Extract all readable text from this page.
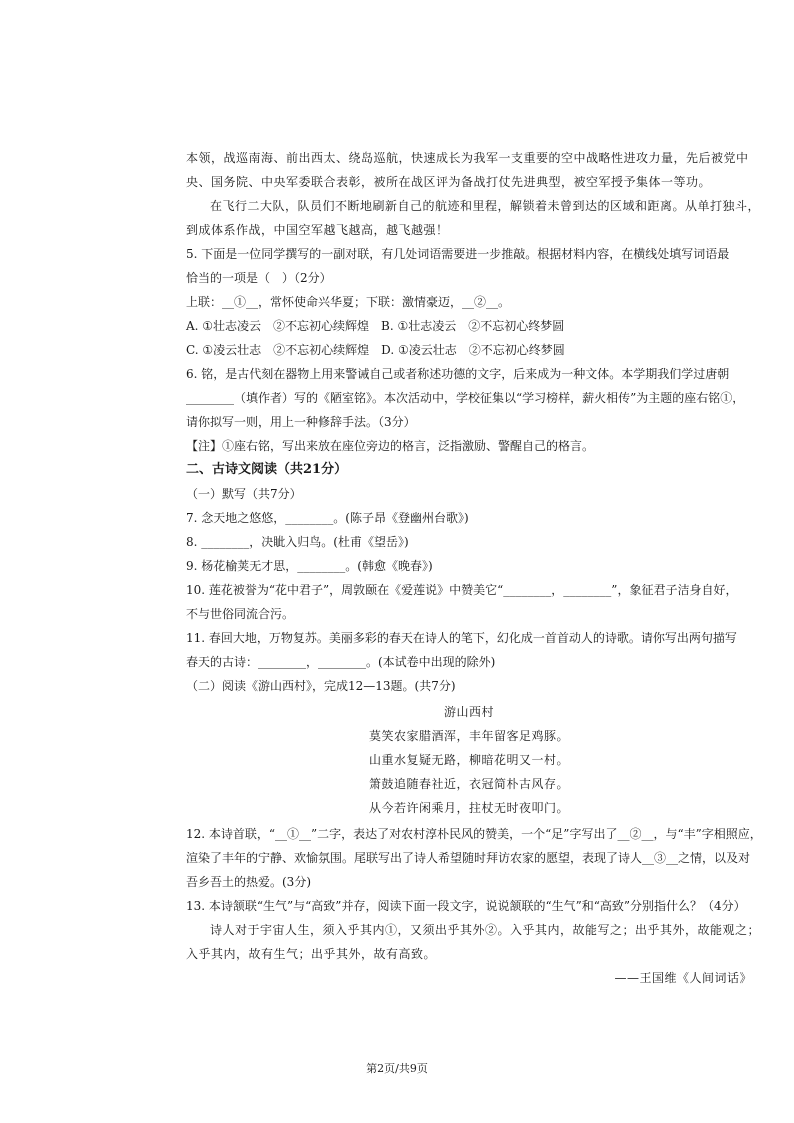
本领，战巡南海、前出西太、绕岛巡航，快速成长为我军一支重要的空中战略性进攻力量，先后被党中
央、国务院、中央军委联合表彰，被所在战区评为备战打仗先进典型，被空军授予集体一等功。
在飞行二大队，队员们不断地刷新自己的航迹和里程，解锁着未曾到达的区域和距离。从单打独斗，
到成体系作战，中国空军越飞越高，越飞越强！
5. 下面是一位同学撰写的一副对联，有几处词语需要进一步推敲。根据材料内容，在横线处填写词语最
恰当的一项是（　）（2分）
上联：__①__，常怀使命兴华夏；下联：激情豪迈，__②__。
A. ①壮志凌云　②不忘初心续辉煌　B. ①壮志凌云　②不忘初心终梦圆
C. ①凌云壮志　②不忘初心续辉煌　D. ①凌云壮志　②不忘初心终梦圆
6. 铭，是古代刻在器物上用来警诫自己或者称述功德的文字，后来成为一种文体。本学期我们学过唐朝
________（填作者）写的《陋室铭》。本次活动中，学校征集以“学习榜样，薪火相传”为主题的座右铭①，
请你拟写一则，用上一种修辞手法。（3分）
【注】①座右铭，写出来放在座位旁边的格言，泛指激励、警醒自己的格言。
二、古诗文阅读（共21分）
（一）默写（共7分）
7. 念天地之悠悠，________。(陈子昂《登幽州台歌》)
8. ________，决眦入归鸟。(杜甫《望岳》)
9. 杨花榆荚无才思，________。(韩愈《晚春》)
10. 莲花被誉为“花中君子”，周敦颐在《爱莲说》中赞美它“________，________”，象征君子洁身自好，
不与世俗同流合污。
11. 春回大地，万物复苏。美丽多彩的春天在诗人的笔下，幻化成一首首动人的诗歌。请你写出两句描写
春天的古诗：________，________。(本试卷中出现的除外)
（二）阅读《游山西村》，完成12—13题。(共7分)
游山西村
莫笑农家腊酒浑，丰年留客足鸡豚。
山重水复疑无路，柳暗花明又一村。
箫鼓追随春社近，衣冠简朴古风存。
从今若许闲乘月，拄杖无时夜叩门。
12. 本诗首联，“__①__”二字，表达了对农村淳朴民风的赞美，一个“足”字写出了__②__，与“丰”字相照应，
渲染了丰年的宁静、欢愉氛围。尾联写出了诗人希望随时拜访农家的愿望，表现了诗人__③__之情，以及对
吾乡吾土的热爱。(3分)
13. 本诗颔联“生气”与“高致”并存，阅读下面一段文字，说说颔联的“生气”和“高致”分别指什么？（4分）
诗人对于宇宙人生，须入乎其内①，又须出乎其外②。入乎其内，故能写之；出乎其外，故能观之；
入乎其内，故有生气；出乎其外，故有高致。
——王国维《人间词话》
第2页/共9页
